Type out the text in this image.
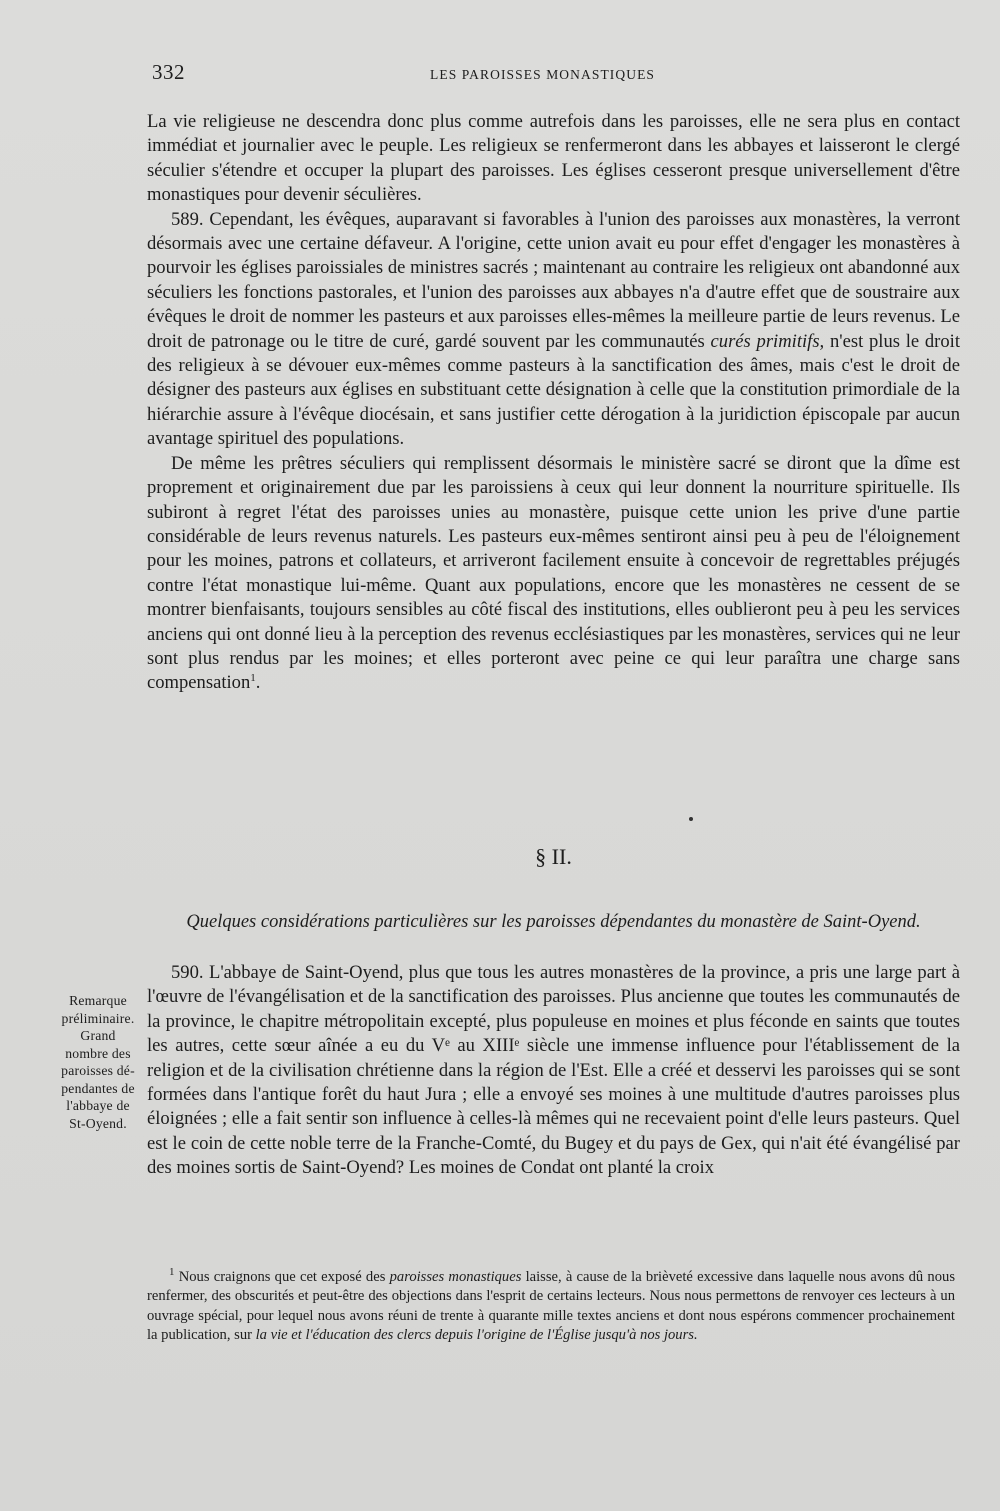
332	LES PAROISSES MONASTIQUES

La vie religieuse ne descendra donc plus comme autrefois dans les paroisses, elle ne sera plus en contact immédiat et journalier avec le peuple. Les religieux se renfermeront dans les abbayes et laisseront le clergé séculier s'étendre et occuper la plupart des paroisses. Les églises cesseront presque universellement d'être monastiques pour devenir séculières.

589. Cependant, les évêques, auparavant si favorables à l'union des paroisses aux monastères, la verront désormais avec une certaine défaveur. A l'origine, cette union avait eu pour effet d'engager les monastères à pourvoir les églises paroissiales de ministres sacrés ; maintenant au contraire les religieux ont abandonné aux séculiers les fonctions pastorales, et l'union des paroisses aux abbayes n'a d'autre effet que de soustraire aux évêques le droit de nommer les pasteurs et aux paroisses elles-mêmes la meilleure partie de leurs revenus. Le droit de patronage ou le titre de curé, gardé souvent par les communautés curés primitifs, n'est plus le droit des religieux à se dévouer eux-mêmes comme pasteurs à la sanctification des âmes, mais c'est le droit de désigner des pasteurs aux églises en substituant cette désignation à celle que la constitution primordiale de la hiérarchie assure à l'évêque diocésain, et sans justifier cette dérogation à la juridiction épiscopale par aucun avantage spirituel des populations.

De même les prêtres séculiers qui remplissent désormais le ministère sacré se diront que la dîme est proprement et originairement due par les paroissiens à ceux qui leur donnent la nourriture spirituelle. Ils subiront à regret l'état des paroisses unies au monastère, puisque cette union les prive d'une partie considérable de leurs revenus naturels. Les pasteurs eux-mêmes sentiront ainsi peu à peu de l'éloignement pour les moines, patrons et collateurs, et arriveront facilement ensuite à concevoir de regrettables préjugés contre l'état monastique lui-même. Quant aux populations, encore que les monastères ne cessent de se montrer bienfaisants, toujours sensibles au côté fiscal des institutions, elles oublieront peu à peu les services anciens qui ont donné lieu à la perception des revenus ecclésiastiques par les monastères, services qui ne leur sont plus rendus par les moines; et elles porteront avec peine ce qui leur paraîtra une charge sans compensation$^1$.

§ II.
Quelques considérations particulières sur les paroisses dépendantes du monastère de Saint-Oyend.

590. L'abbaye de Saint-Oyend, plus que tous les autres monastères de la province, a pris une large part à l'œuvre de l'évangélisation et de la sanctification des paroisses. Plus ancienne que toutes les communautés de la province, le chapitre métropolitain excepté, plus populeuse en moines et plus féconde en saints que toutes les autres, cette sœur aînée a eu du Vᵉ au XIIIᵉ siècle une immense influence pour l'établissement de la religion et de la civilisation chrétienne dans la région de l'Est. Elle a créé et desservi les paroisses qui se sont formées dans l'antique forêt du haut Jura ; elle a envoyé ses moines à une multitude d'autres paroisses plus éloignées ; elle a fait sentir son influence à celles-là mêmes qui ne recevaient point d'elle leurs pasteurs. Quel est le coin de cette noble terre de la Franche-Comté, du Bugey et du pays de Gex, qui n'ait été évangélisé par des moines sortis de Saint-Oyend? Les moines de Condat ont planté la croix

Remarque
préliminaire.
Grand
nombre des
paroisses dé-
pendantes de
l'abbaye de
St-Oyend.
$^1$ Nous craignons que cet exposé des paroisses monastiques laisse, à cause de la brièveté excessive dans laquelle nous avons dû nous renfermer, des obscurités et peut-être des objections dans l'esprit de certains lecteurs. Nous nous permettons de renvoyer ces lecteurs à un ouvrage spécial, pour lequel nous avons réuni de trente à quarante mille textes anciens et dont nous espérons commencer prochainement la publication, sur la vie et l'éducation des clercs depuis l'origine de l'Église jusqu'à nos jours.
